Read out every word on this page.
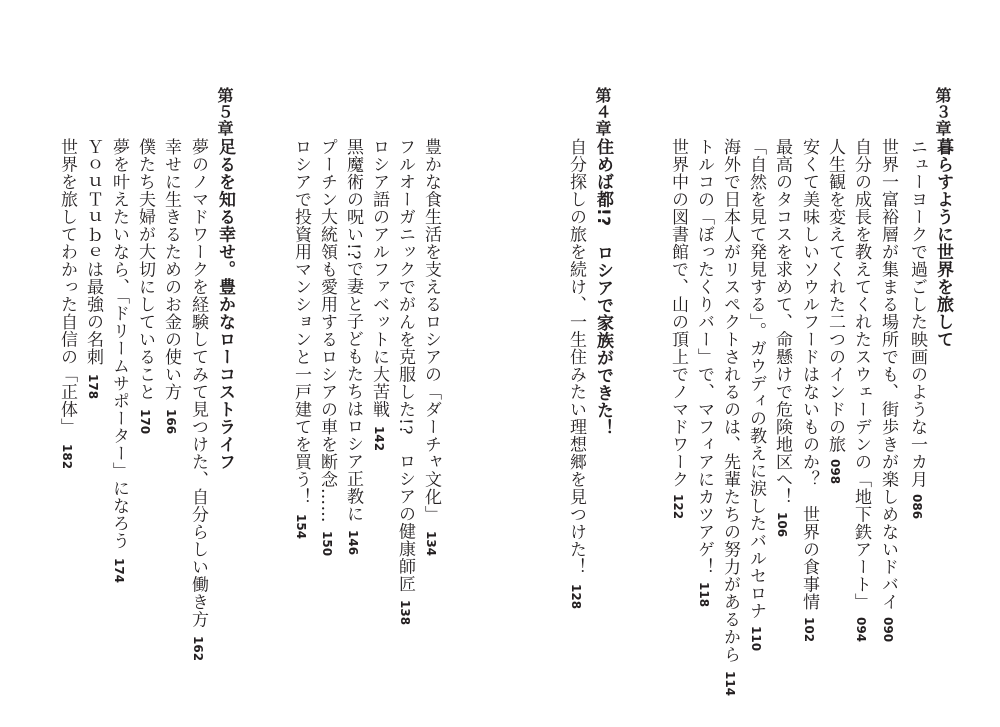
第３章
暮らすように世界を旅して
ニューヨークで過ごした映画のような一カ月086
世界一富裕層が集まる場所でも、街歩きが楽しめないドバイ090
自分の成長を教えてくれたスウェーデンの「地下鉄アート」094
人生観を変えてくれた二つのインドの旅098
安くて美味しいソウルフードはないものか？　世界の食事情102
最高のタコスを求めて、命懸けで危険地区へ！106
「自然を見て発見する」。ガウディの教えに涙したバルセロナ110
海外で日本人がリスペクトされるのは、先輩たちの努力があるから114
トルコの「ぼったくりバー」で、マフィアにカツアゲ！118
世界中の図書館で、山の頂上でノマドワーク122
第４章
住めば都!?　ロシアで家族ができた！
自分探しの旅を続け、一生住みたい理想郷を見つけた！128
豊かな食生活を支えるロシアの「ダーチャ文化」134
フルオーガニックでがんを克服した!?　ロシアの健康師匠138
ロシア語のアルファベットに大苦戦142
黒魔術の呪い!?で妻と子どもたちはロシア正教に146
プーチン大統領も愛用するロシアの車を断念……150
ロシアで投資用マンションと一戸建てを買う！154
第５章
足るを知る幸せ。豊かなローコストライフ
夢のノマドワークを経験してみて見つけた、自分らしい働き方162
幸せに生きるためのお金の使い方166
僕たち夫婦が大切にしていること170
夢を叶えたいなら、「ドリームサポーター」になろう174
ＹｏｕＴｕｂｅは最強の名刺178
世界を旅してわかった自信の「正体」182
